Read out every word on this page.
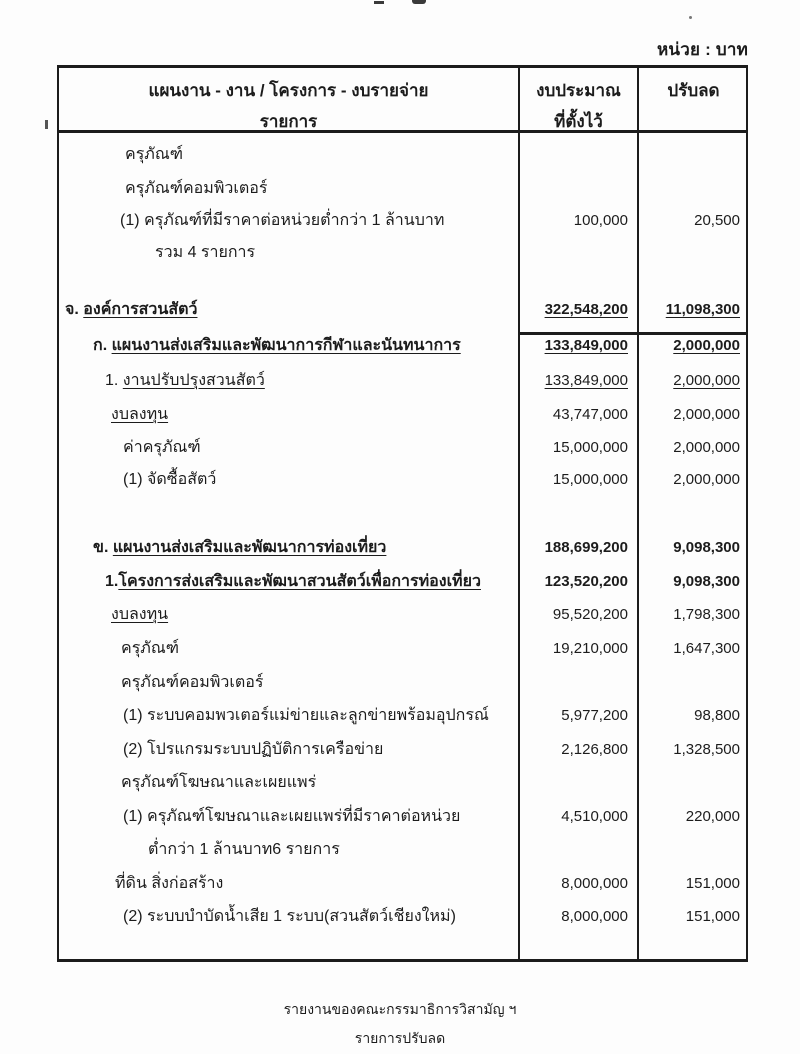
หน่วย : บาท
แผนงาน - งาน / โครงการ - งบรายจ่าย
รายการ
งบประมาณ
ที่ตั้งไว้
ปรับลด
ครุภัณฑ์
ครุภัณฑ์คอมพิวเตอร์
(1) ครุภัณฑ์ที่มีราคาต่อหน่วยต่ำกว่า 1 ล้านบาท	100,000	20,500
รวม 4 รายการ
จ. องค์การสวนสัตว์	322,548,200	11,098,300
ก. แผนงานส่งเสริมและพัฒนาการกีฬาและนันทนาการ	133,849,000	2,000,000
1. งานปรับปรุงสวนสัตว์	133,849,000	2,000,000
งบลงทุน	43,747,000	2,000,000
ค่าครุภัณฑ์	15,000,000	2,000,000
(1) จัดซื้อสัตว์	15,000,000	2,000,000
ข. แผนงานส่งเสริมและพัฒนาการท่องเที่ยว	188,699,200	9,098,300
1.โครงการส่งเสริมและพัฒนาสวนสัตว์เพื่อการท่องเที่ยว	123,520,200	9,098,300
งบลงทุน	95,520,200	1,798,300
ครุภัณฑ์	19,210,000	1,647,300
ครุภัณฑ์คอมพิวเตอร์
(1) ระบบคอมพวเตอร์แม่ข่ายและลูกข่ายพร้อมอุปกรณ์	5,977,200	98,800
(2) โปรแกรมระบบปฏิบัติการเครือข่าย	2,126,800	1,328,500
ครุภัณฑ์โฆษณาและเผยแพร่
(1) ครุภัณฑ์โฆษณาและเผยแพร่ที่มีราคาต่อหน่วย	4,510,000	220,000
ต่ำกว่า 1 ล้านบาท6 รายการ
ที่ดิน สิ่งก่อสร้าง	8,000,000	151,000
(2) ระบบบำบัดน้ำเสีย 1 ระบบ(สวนสัตว์เชียงใหม่)	8,000,000	151,000
รายงานของคณะกรรมาธิการวิสามัญ ฯ
รายการปรับลด
